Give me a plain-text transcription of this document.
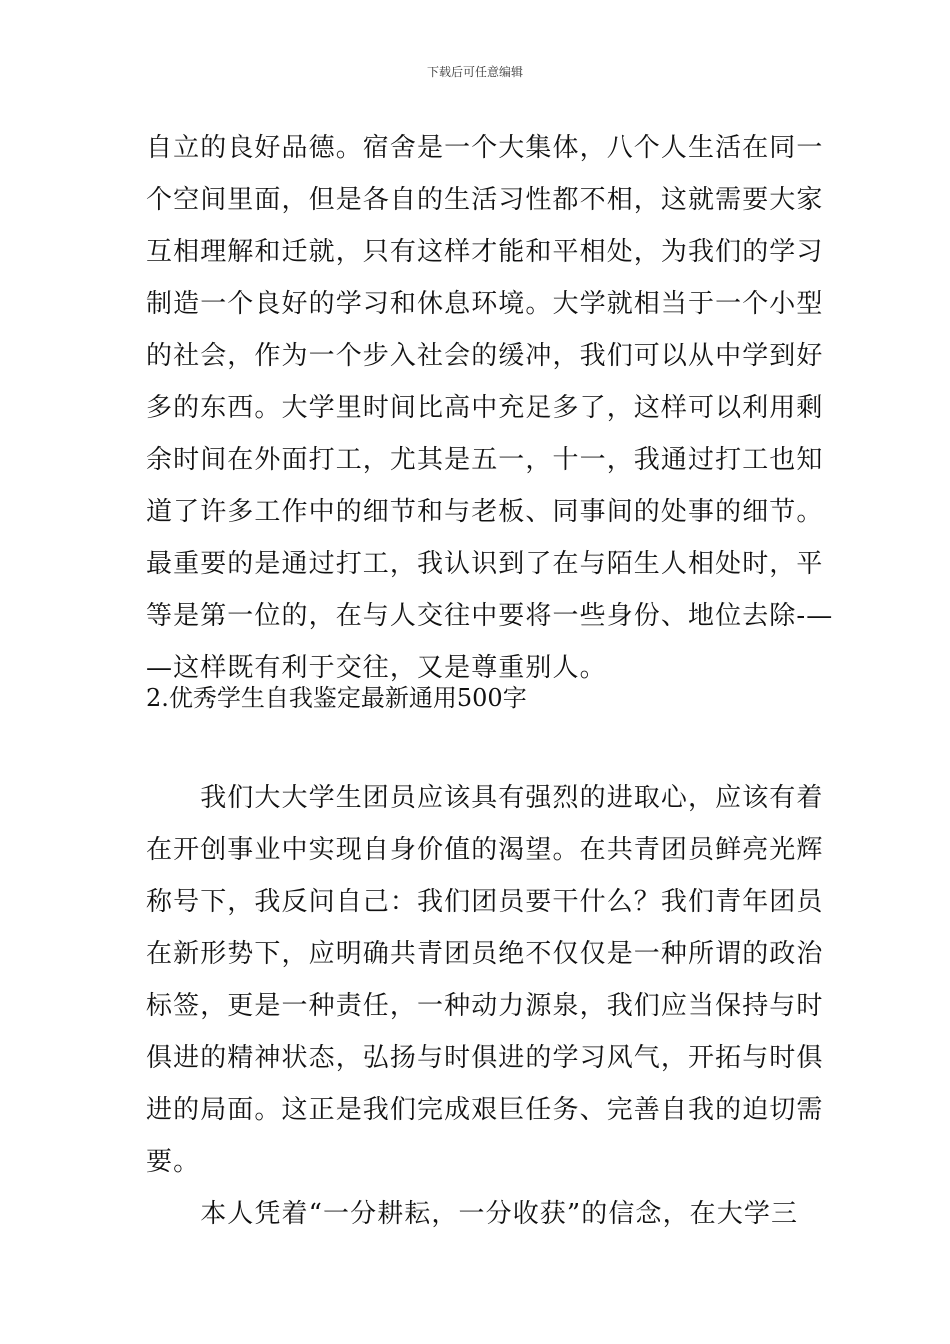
下载后可任意编辑
自立的良好品德。宿舍是一个大集体，八个人生活在同一
个空间里面，但是各自的生活习性都不相，这就需要大家
互相理解和迁就，只有这样才能和平相处，为我们的学习
制造一个良好的学习和休息环境。大学就相当于一个小型
的社会，作为一个步入社会的缓冲，我们可以从中学到好
多的东西。大学里时间比高中充足多了，这样可以利用剩
余时间在外面打工，尤其是五一，十一，我通过打工也知
道了许多工作中的细节和与老板、同事间的处事的细节。
最重要的是通过打工，我认识到了在与陌生人相处时，平
等是第一位的，在与人交往中要将一些身份、地位去除-—
—这样既有利于交往，又是尊重别人。
2.优秀学生自我鉴定最新通用500字
　　我们大大学生团员应该具有强烈的进取心，应该有着
在开创事业中实现自身价值的渴望。在共青团员鲜亮光辉
称号下，我反问自己：我们团员要干什么？我们青年团员
在新形势下，应明确共青团员绝不仅仅是一种所谓的政治
标签，更是一种责任，一种动力源泉，我们应当保持与时
俱进的精神状态，弘扬与时俱进的学习风气，开拓与时俱
进的局面。这正是我们完成艰巨任务、完善自我的迫切需
要。
　　本人凭着“一分耕耘，一分收获”的信念，在大学三
